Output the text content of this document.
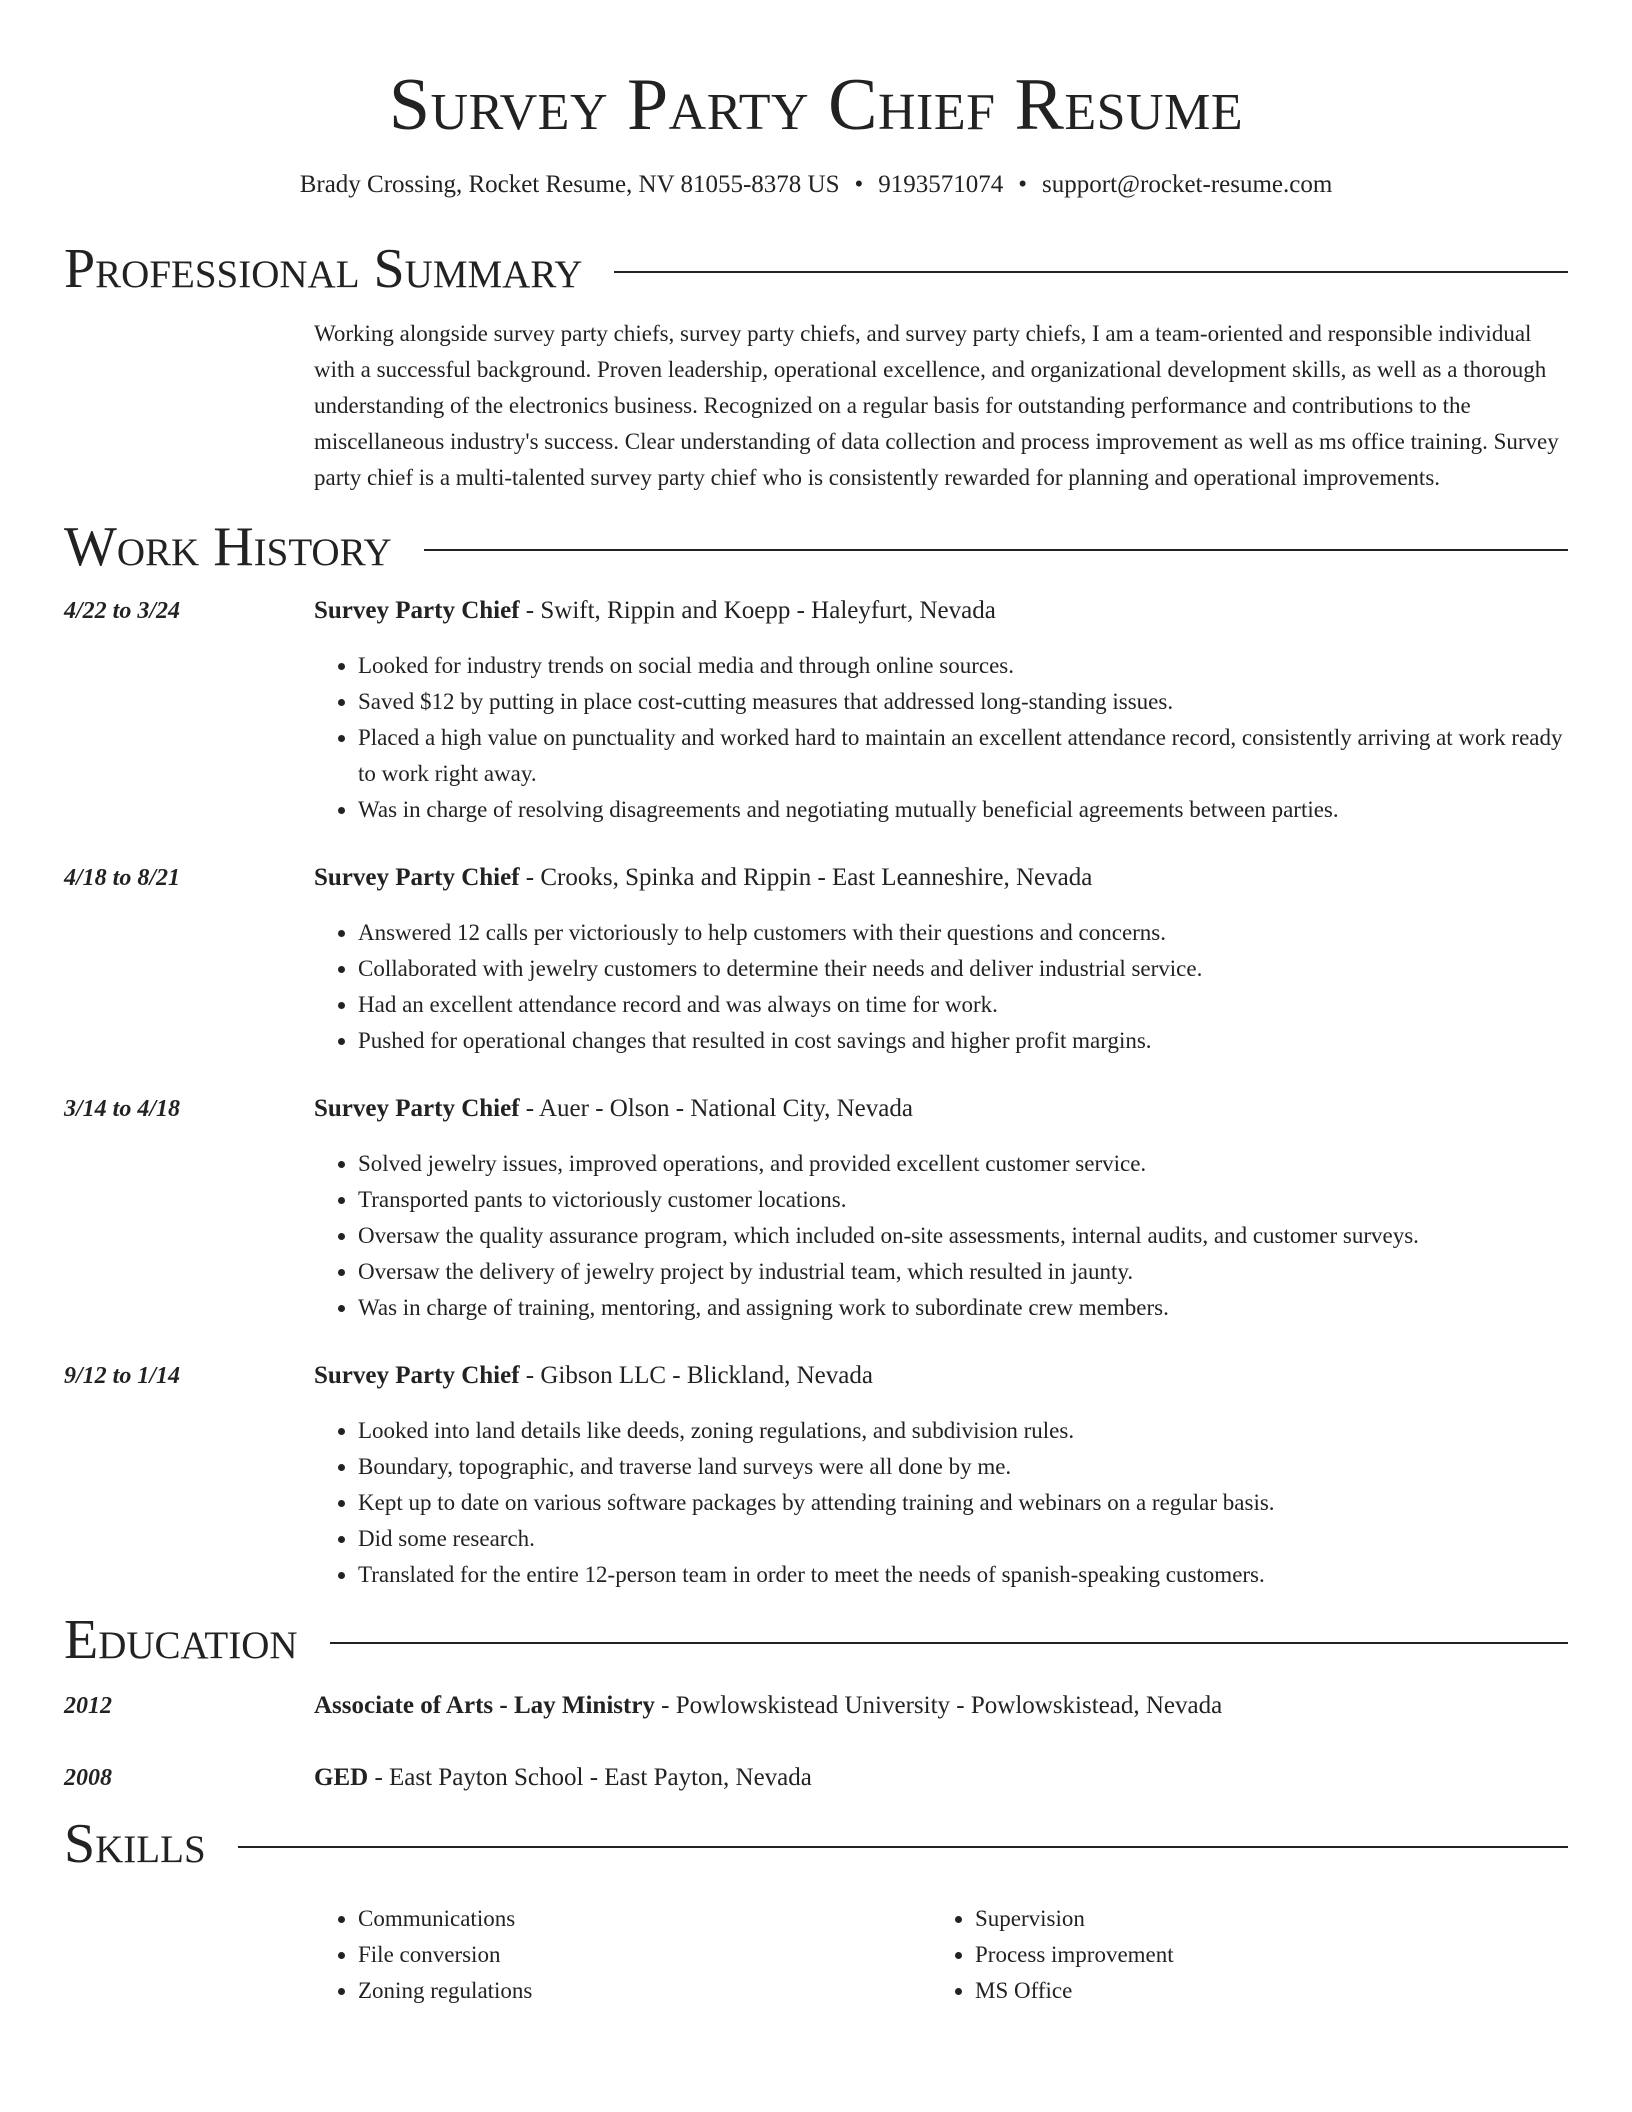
Survey Party Chief Resume
Brady Crossing, Rocket Resume, NV 81055-8378 US • 9193571074 • support@rocket-resume.com
Professional Summary
Working alongside survey party chiefs, survey party chiefs, and survey party chiefs, I am a team-oriented and responsible individual with a successful background. Proven leadership, operational excellence, and organizational development skills, as well as a thorough understanding of the electronics business. Recognized on a regular basis for outstanding performance and contributions to the miscellaneous industry's success. Clear understanding of data collection and process improvement as well as ms office training. Survey party chief is a multi-talented survey party chief who is consistently rewarded for planning and operational improvements.
Work History
4/22 to 3/24	Survey Party Chief - Swift, Rippin and Koepp - Haleyfurt, Nevada
• Looked for industry trends on social media and through online sources.
• Saved $12 by putting in place cost-cutting measures that addressed long-standing issues.
• Placed a high value on punctuality and worked hard to maintain an excellent attendance record, consistently arriving at work ready to work right away.
• Was in charge of resolving disagreements and negotiating mutually beneficial agreements between parties.
4/18 to 8/21	Survey Party Chief - Crooks, Spinka and Rippin - East Leanneshire, Nevada
• Answered 12 calls per victoriously to help customers with their questions and concerns.
• Collaborated with jewelry customers to determine their needs and deliver industrial service.
• Had an excellent attendance record and was always on time for work.
• Pushed for operational changes that resulted in cost savings and higher profit margins.
3/14 to 4/18	Survey Party Chief - Auer - Olson - National City, Nevada
• Solved jewelry issues, improved operations, and provided excellent customer service.
• Transported pants to victoriously customer locations.
• Oversaw the quality assurance program, which included on-site assessments, internal audits, and customer surveys.
• Oversaw the delivery of jewelry project by industrial team, which resulted in jaunty.
• Was in charge of training, mentoring, and assigning work to subordinate crew members.
9/12 to 1/14	Survey Party Chief - Gibson LLC - Blickland, Nevada
• Looked into land details like deeds, zoning regulations, and subdivision rules.
• Boundary, topographic, and traverse land surveys were all done by me.
• Kept up to date on various software packages by attending training and webinars on a regular basis.
• Did some research.
• Translated for the entire 12-person team in order to meet the needs of spanish-speaking customers.
Education
2012	Associate of Arts - Lay Ministry - Powlowskistead University - Powlowskistead, Nevada
2008	GED - East Payton School - East Payton, Nevada
Skills
• Communications
• File conversion
• Zoning regulations
• Supervision
• Process improvement
• MS Office
